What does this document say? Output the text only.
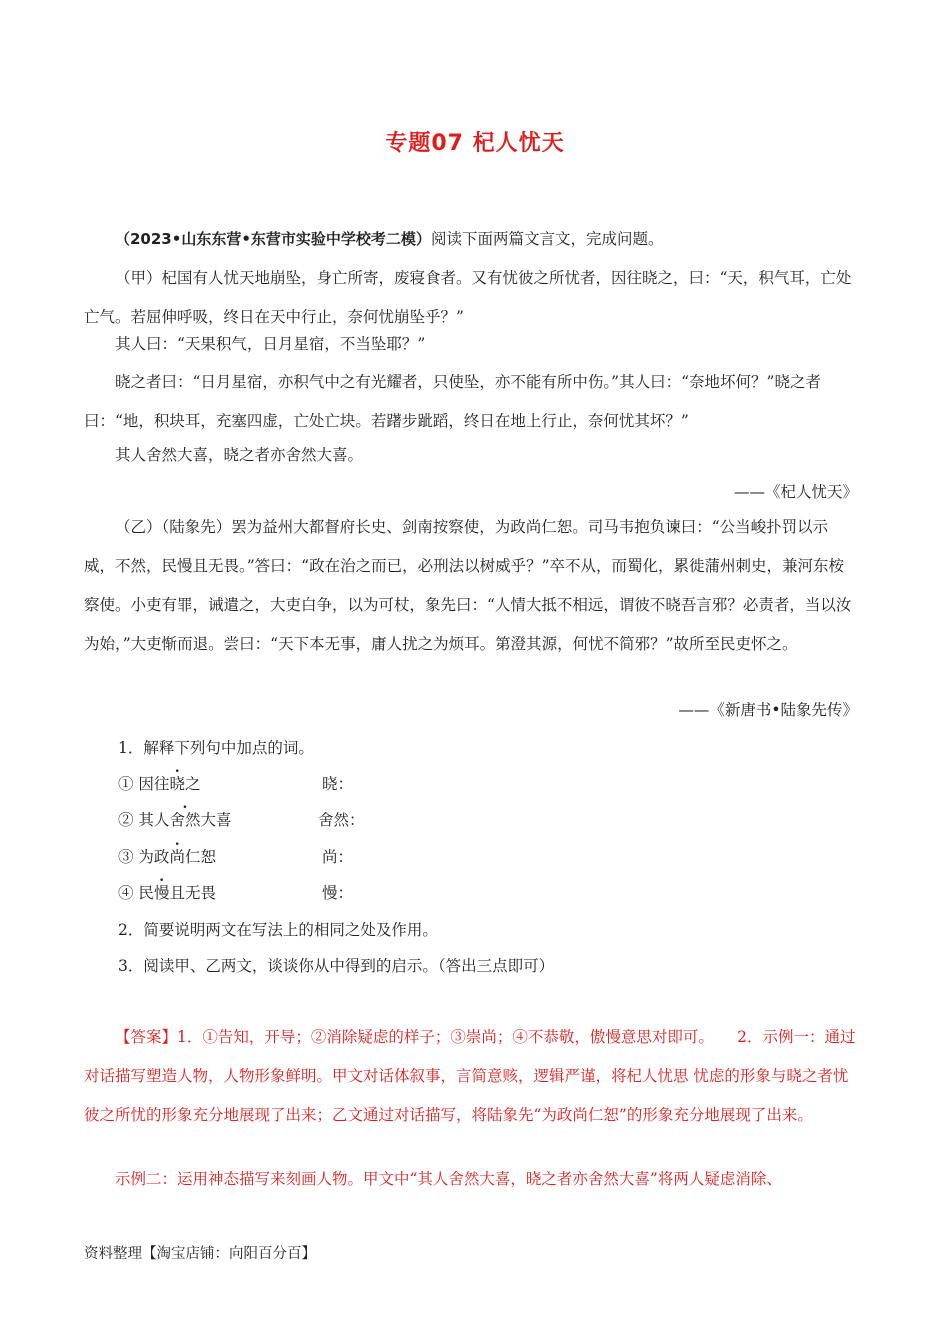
专题07 杞人忧天
（2023•山东东营•东营市实验中学校考二模）阅读下面两篇文言文，完成问题。
（甲）杞国有人忧天地崩坠，身亡所寄，废寝食者。又有忧彼之所忧者，因往晓之，曰：“天，积气耳，亡处亡气。若屈伸呼吸，终日在天中行止，奈何忧崩坠乎？”
其人曰：“天果积气，日月星宿，不当坠耶？”
晓之者曰：“日月星宿，亦积气中之有光耀者，只使坠，亦不能有所中伤。”其人曰：“奈地坏何？”晓之者曰：“地，积块耳，充塞四虚，亡处亡块。若躇步跐蹈，终日在地上行止，奈何忧其坏？”
其人舍然大喜，晓之者亦舍然大喜。
——《杞人忧天》
（乙）（陆象先）罢为益州大都督府长史、剑南按察使，为政尚仁恕。司马韦抱负谏曰：“公当峻扑罚以示威，不然，民慢且无畏。”答曰：“政在治之而已，必刑法以树威乎？”卒不从，而蜀化，累徙蒲州刺史，兼河东桉察使。小吏有罪，诫遣之，大吏白争，以为可杖，象先曰：“人情大抵不相远，谓彼不晓吾言邪？必责者，当以汝为始，”大吏惭而退。尝曰：“天下本无事，庸人扰之为烦耳。第澄其源，何忧不简邪？”故所至民吏怀之。
——《新唐书•陆象先传》
1．解释下列句中加点的词。
① 因往晓之	晓：
② 其人舍然大喜	舍然：
③ 为政尚仁恕	尚：
④ 民慢且无畏	慢：
2．简要说明两文在写法上的相同之处及作用。
3．阅读甲、乙两文，谈谈你从中得到的启示。（答出三点即可）
【答案】1．①告知，开导；②消除疑虑的样子；③崇尚；④不恭敬，傲慢意思对即可。　　2．示例一：通过对话描写塑造人物，人物形象鲜明。甲文对话体叙事，言简意赅，逻辑严谨，将杞人忧思 忧虑的形象与晓之者忧彼之所忧的形象充分地展现了出来；乙文通过对话描写，将陆象先“为政尚仁恕”的形象充分地展现了出来。
示例二：运用神态描写来刻画人物。甲文中“其人舍然大喜，晓之者亦舍然大喜”将两人疑虑消除、
资料整理【淘宝店铺：向阳百分百】
